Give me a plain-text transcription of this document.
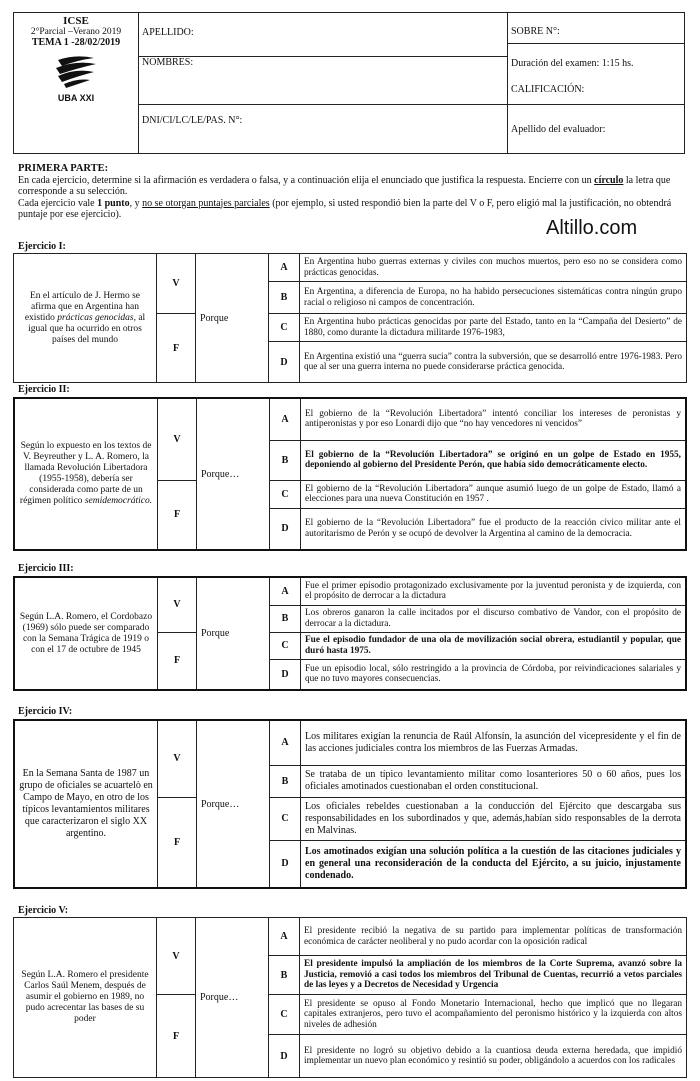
ICSE
2°Parcial –Verano 2019
TEMA 1 -28/02/2019
UBA XXI

APELLIDO:
NOMBRES:
DNI/CI/LC/LE/PAS. N°:

SOBRE N°:
Duración del examen: 1:15 hs.
CALIFICACIÓN:
Apellido del evaluador:
PRIMERA PARTE:
En cada ejercicio, determine si la afirmación es verdadera o falsa, y a continuación elija el enunciado que justifica la respuesta. Encierre con un círculo la letra que corresponde a su selección.
Cada ejercicio vale 1 punto, y no se otorgan puntajes parciales (por ejemplo, si usted respondió bien la parte del V o F, pero eligió mal la justificación, no obtendrá puntaje por ese ejercicio).
Altillo.com
Ejercicio I:
En el artículo de J. Hermo se afirma que en Argentina han existido prácticas genocidas, al igual que ha ocurrido en otros países del mundo	V	Porque	A	En Argentina hubo guerras externas y civiles con muchos muertos, pero eso no se considera como prácticas genocidas.
			B	En Argentina, a diferencia de Europa, no ha habido persecuciones sistemáticas contra ningún grupo racial o religioso ni campos de concentración.
	F		C	En Argentina hubo prácticas genocidas por parte del Estado, tanto en la “Campaña del Desierto” de 1880, como durante la dictadura militarde 1976-1983,
			D	En Argentina existió una “guerra sucia” contra la subversión, que se desarrolló entre 1976-1983. Pero que al ser una guerra interna no puede considerarse práctica genocida.
Ejercicio II:
Según lo expuesto en los textos de V. Beyreuther y L. A. Romero, la llamada Revolución Libertadora (1955-1958), debería ser considerada como parte de un régimen político semidemocrático.	V	Porque…	A	El gobierno de la “Revolución Libertadora” intentó conciliar los intereses de peronistas y antiperonistas y por eso Lonardi dijo que “no hay vencedores ni vencidos”
			B	El gobierno de la “Revolución Libertadora” se originó en un golpe de Estado en 1955, deponiendo al gobierno del Presidente Perón, que había sido democráticamente electo.
	F		C	El gobierno de la “Revolución Libertadora” aunque asumió luego de un golpe de Estado, llamó a elecciones para una nueva Constitución en 1957 .
			D	El gobierno de la “Revolución Libertadora” fue el producto de la reacción cívico militar ante el autoritarismo de Perón y se ocupó de devolver la Argentina al camino de la democracia.
Ejercicio III:
Según L.A. Romero, el Cordobazo (1969) sólo puede ser comparado con la Semana Trágica de 1919 o con el 17 de octubre de 1945	V	Porque	A	Fue el primer episodio protagonizado exclusivamente por la juventud peronista y de izquierda, con el propósito de derrocar a la dictadura
			B	Los obreros ganaron la calle incitados por el discurso combativo de Vandor, con el propósito de derrocar a la dictadura.
	F		C	Fue el episodio fundador de una ola de movilización social obrera, estudiantil y popular, que duró hasta 1975.
			D	Fue un episodio local, sólo restringido a la provincia de Córdoba, por reivindicaciones salariales y que no tuvo mayores consecuencias.
Ejercicio IV:
En la Semana Santa de 1987 un grupo de oficiales se acuartelò en Campo de Mayo, en otro de los típicos levantamientos militares que caracterizaron el siglo XX argentino.	V	Porque…	A	Los militares exigían la renuncia de Raúl Alfonsín, la asunción del vicepresidente y el fin de las acciones judiciales contra los miembros de las Fuerzas Armadas.
			B	Se trataba de un típico levantamiento militar como losanteriores 50 o 60 años, pues los oficiales amotinados cuestionaban el orden constitucional.
	F		C	Los oficiales rebeldes cuestionaban a la conducción del Ejército que descargaba sus responsabilidades en los subordinados y que, además,habían sido responsables de la derrota en Malvinas.
			D	Los amotinados exigían una solución política a la cuestión de las citaciones judiciales y en general una reconsideración de la conducta del Ejército, a su juicio, injustamente condenado.
Ejercicio V:
Según L.A. Romero el presidente Carlos Saúl Menem, después de asumir el gobierno en 1989, no pudo acrecentar las bases de su poder	V	Porque…	A	El presidente recibió la negativa de su partido para implementar políticas de transformación económica de carácter neoliberal y no pudo acordar con la oposición radical
			B	El presidente impulsó la ampliación de los miembros de la Corte Suprema, avanzó sobre la Justicia, removió a casi todos los miembros del Tribunal de Cuentas, recurrió a vetos parciales de las leyes y a Decretos de Necesidad y Urgencia
	F		C	El presidente se opuso al Fondo Monetario Internacional, hecho que implicó que no llegaran capitales extranjeros, pero tuvo el acompañamiento del peronismo histórico y la izquierda con altos niveles de adhesión
			D	El presidente no logró su objetivo debido a la cuantiosa deuda externa heredada, que impidió implementar un nuevo plan económico y resintió su poder, obligándolo a acuerdos con los radicales
